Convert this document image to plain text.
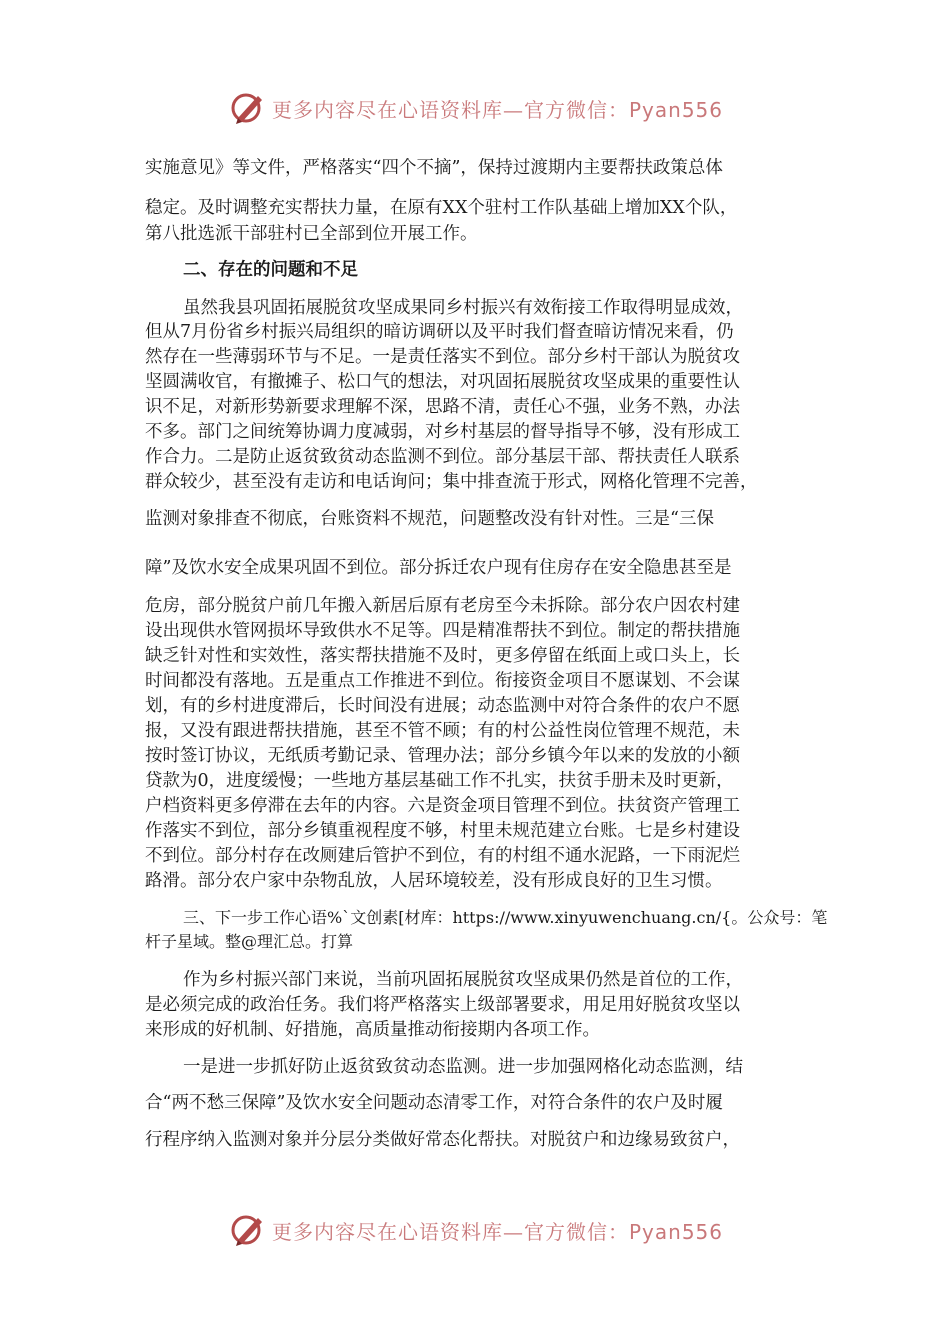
更多内容尽在心语资料库—官方微信：Pyan556
实施意见》等文件，严格落实“四个不摘”，保持过渡期内主要帮扶政策总体
稳定。及时调整充实帮扶力量，在原有XX个驻村工作队基础上增加XX个队，
第八批选派干部驻村已全部到位开展工作。
二、存在的问题和不足
虽然我县巩固拓展脱贫攻坚成果同乡村振兴有效衔接工作取得明显成效，
但从7月份省乡村振兴局组织的暗访调研以及平时我们督查暗访情况来看，仍
然存在一些薄弱环节与不足。一是责任落实不到位。部分乡村干部认为脱贫攻
坚圆满收官，有撤摊子、松口气的想法，对巩固拓展脱贫攻坚成果的重要性认
识不足，对新形势新要求理解不深，思路不清，责任心不强，业务不熟，办法
不多。部门之间统筹协调力度减弱，对乡村基层的督导指导不够，没有形成工
作合力。二是防止返贫致贫动态监测不到位。部分基层干部、帮扶责任人联系
群众较少，甚至没有走访和电话询问；集中排查流于形式，网格化管理不完善，
监测对象排查不彻底，台账资料不规范，问题整改没有针对性。三是“三保
障”及饮水安全成果巩固不到位。部分拆迁农户现有住房存在安全隐患甚至是
危房，部分脱贫户前几年搬入新居后原有老房至今未拆除。部分农户因农村建
设出现供水管网损坏导致供水不足等。四是精准帮扶不到位。制定的帮扶措施
缺乏针对性和实效性，落实帮扶措施不及时，更多停留在纸面上或口头上，长
时间都没有落地。五是重点工作推进不到位。衔接资金项目不愿谋划、不会谋
划，有的乡村进度滞后，长时间没有进展；动态监测中对符合条件的农户不愿
报，又没有跟进帮扶措施，甚至不管不顾；有的村公益性岗位管理不规范，未
按时签订协议，无纸质考勤记录、管理办法；部分乡镇今年以来的发放的小额
贷款为0，进度缓慢；一些地方基层基础工作不扎实，扶贫手册未及时更新，
户档资料更多停滞在去年的内容。六是资金项目管理不到位。扶贫资产管理工
作落实不到位，部分乡镇重视程度不够，村里未规范建立台账。七是乡村建设
不到位。部分村存在改厕建后管护不到位，有的村组不通水泥路，一下雨泥烂
路滑。部分农户家中杂物乱放，人居环境较差，没有形成良好的卫生习惯。
三、下一步工作心语%`文创素[材库：https://www.xinyuwenchuang.cn/{。公众号：笔
杆子星域。整@理汇总。打算
作为乡村振兴部门来说，当前巩固拓展脱贫攻坚成果仍然是首位的工作，
是必须完成的政治任务。我们将严格落实上级部署要求，用足用好脱贫攻坚以
来形成的好机制、好措施，高质量推动衔接期内各项工作。
一是进一步抓好防止返贫致贫动态监测。进一步加强网格化动态监测，结
合“两不愁三保障”及饮水安全问题动态清零工作，对符合条件的农户及时履
行程序纳入监测对象并分层分类做好常态化帮扶。对脱贫户和边缘易致贫户，
更多内容尽在心语资料库—官方微信：Pyan556
